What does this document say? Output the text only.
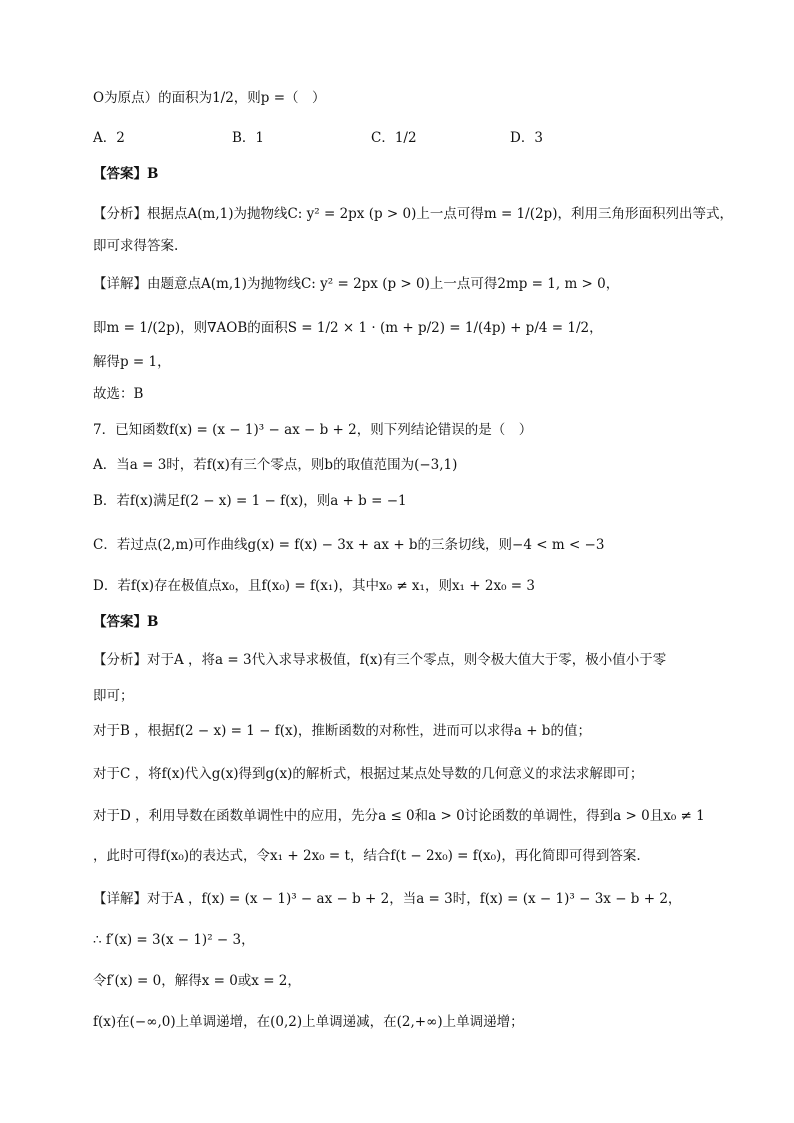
O为原点）的面积为1/2，则p =（　）
A．2	B．1	C．1/2	D．3
【答案】B
【分析】根据点A(m,1)为抛物线C: y² = 2px (p > 0)上一点可得m = 1/(2p)，利用三角形面积列出等式，
即可求得答案.
【详解】由题意点A(m,1)为抛物线C: y² = 2px (p > 0)上一点可得2mp = 1, m > 0，
即m = 1/(2p)，则∇AOB的面积S = 1/2 × 1 · (m + p/2) = 1/(4p) + p/4 = 1/2，
解得p = 1，
故选：B
7．已知函数f(x) = (x − 1)³ − ax − b + 2，则下列结论错误的是（　）
A．当a = 3时，若f(x)有三个零点，则b的取值范围为(−3,1)
B．若f(x)满足f(2 − x) = 1 − f(x)，则a + b = −1
C．若过点(2,m)可作曲线g(x) = f(x) − 3x + ax + b的三条切线，则−4 < m < −3
D．若f(x)存在极值点x₀，且f(x₀) = f(x₁)，其中x₀ ≠ x₁，则x₁ + 2x₀ = 3
【答案】B
【分析】对于A ，将a = 3代入求导求极值，f(x)有三个零点，则令极大值大于零，极小值小于零
即可；
对于B ，根据f(2 − x) = 1 − f(x)，推断函数的对称性，进而可以求得a + b的值；
对于C ，将f(x)代入g(x)得到g(x)的解析式，根据过某点处导数的几何意义的求法求解即可；
对于D ，利用导数在函数单调性中的应用，先分a ≤ 0和a > 0讨论函数的单调性，得到a > 0且x₀ ≠ 1
，此时可得f(x₀)的表达式，令x₁ + 2x₀ = t，结合f(t − 2x₀) = f(x₀)，再化简即可得到答案.
【详解】对于A ，f(x) = (x − 1)³ − ax − b + 2，当a = 3时，f(x) = (x − 1)³ − 3x − b + 2，
∴ f′(x) = 3(x − 1)² − 3，
令f′(x) = 0，解得x = 0或x = 2，
f(x)在(−∞,0)上单调递增，在(0,2)上单调递减，在(2,+∞)上单调递增；
